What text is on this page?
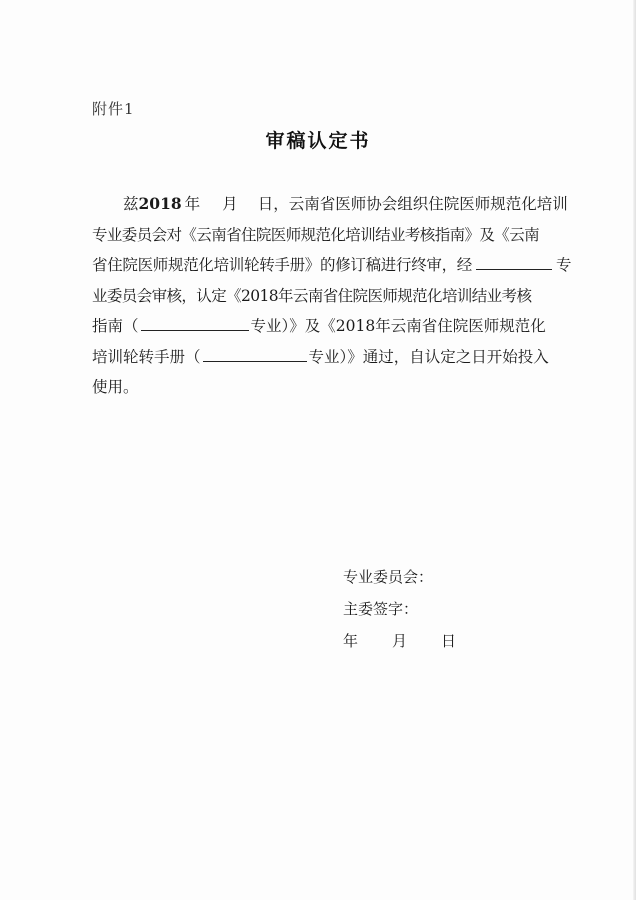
附件1
审稿认定书
兹2018 年 月 日，云南省医师协会组织住院医师规范化培训
专业委员会对《云南省住院医师规范化培训结业考核指南》及《云南
省住院医师规范化培训轮转手册》的修订稿进行终审，经	专
业委员会审核，认定《2018年云南省住院医师规范化培训结业考核
指南（	专业）》及《2018年云南省住院医师规范化
培训轮转手册（	专业）》通过，自认定之日开始投入
使用。
专业委员会：
主委签字：
年 月 日
